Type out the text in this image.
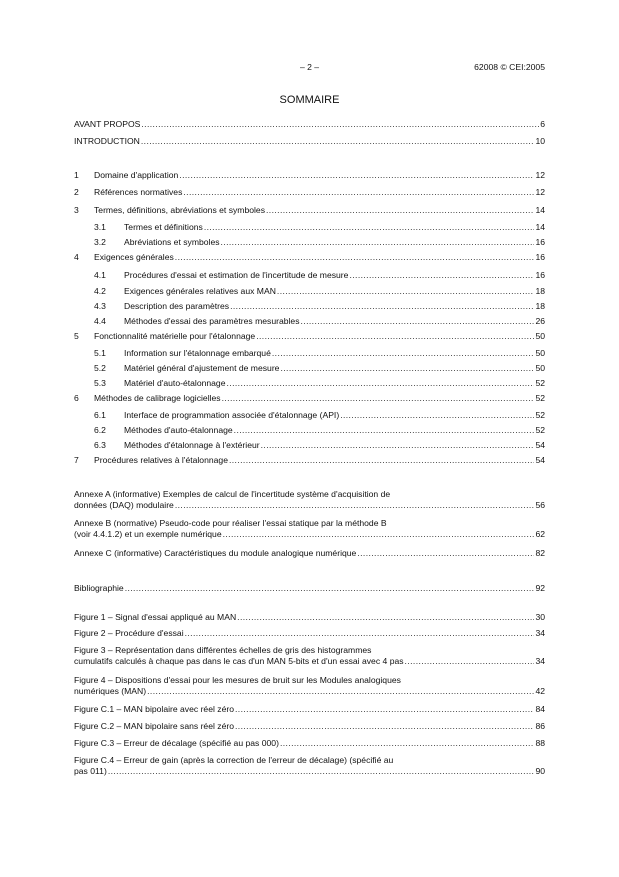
– 2 –	62008 © CEI:2005
SOMMAIRE
AVANT PROPOS .....	6
INTRODUCTION .....	10
1	Domaine d'application .....	12
2	Références normatives .....	12
3	Termes, définitions, abréviations et symboles .....	14
3.1	Termes et définitions .....	14
3.2	Abréviations et symboles .....	16
4	Exigences générales .....	16
4.1	Procédures d'essai et estimation de l'incertitude de mesure .....	16
4.2	Exigences générales relatives aux MAN .....	18
4.3	Description des paramètres .....	18
4.4	Méthodes d'essai des paramètres mesurables .....	26
5	Fonctionnalité matérielle pour l'étalonnage .....	50
5.1	Information sur l'étalonnage embarqué .....	50
5.2	Matériel général d'ajustement de mesure .....	50
5.3	Matériel d'auto-étalonnage .....	52
6	Méthodes de calibrage logicielles .....	52
6.1	Interface de programmation associée d'étalonnage (API) .....	52
6.2	Méthodes d'auto-étalonnage .....	52
6.3	Méthodes d'étalonnage à l'extérieur .....	54
7	Procédures relatives à l'étalonnage .....	54
Annexe A (informative) Exemples de calcul de l'incertitude système d'acquisition de
données (DAQ) modulaire .....	56
Annexe B (normative) Pseudo-code pour réaliser l'essai statique par la méthode B
(voir 4.4.1.2) et un exemple numérique .....	62
Annexe C (informative) Caractéristiques du module analogique numérique .....	82
Bibliographie .....	92
Figure 1 – Signal d'essai appliqué au MAN .....	30
Figure 2 – Procédure d'essai .....	34
Figure 3 – Représentation dans différentes échelles de gris des histogrammes
cumulatifs calculés à chaque pas dans le cas d'un MAN 5-bits et d'un essai avec 4 pas .....	34
Figure 4 – Dispositions d'essai pour les mesures de bruit sur les Modules analogiques
numériques (MAN) .....	42
Figure C.1 – MAN bipolaire avec réel zéro .....	84
Figure C.2 – MAN bipolaire sans réel zéro .....	86
Figure C.3 – Erreur de décalage (spécifié au pas 000) .....	88
Figure C.4 – Erreur de gain (après la correction de l'erreur de décalage) (spécifié au
pas 011) .....	90
